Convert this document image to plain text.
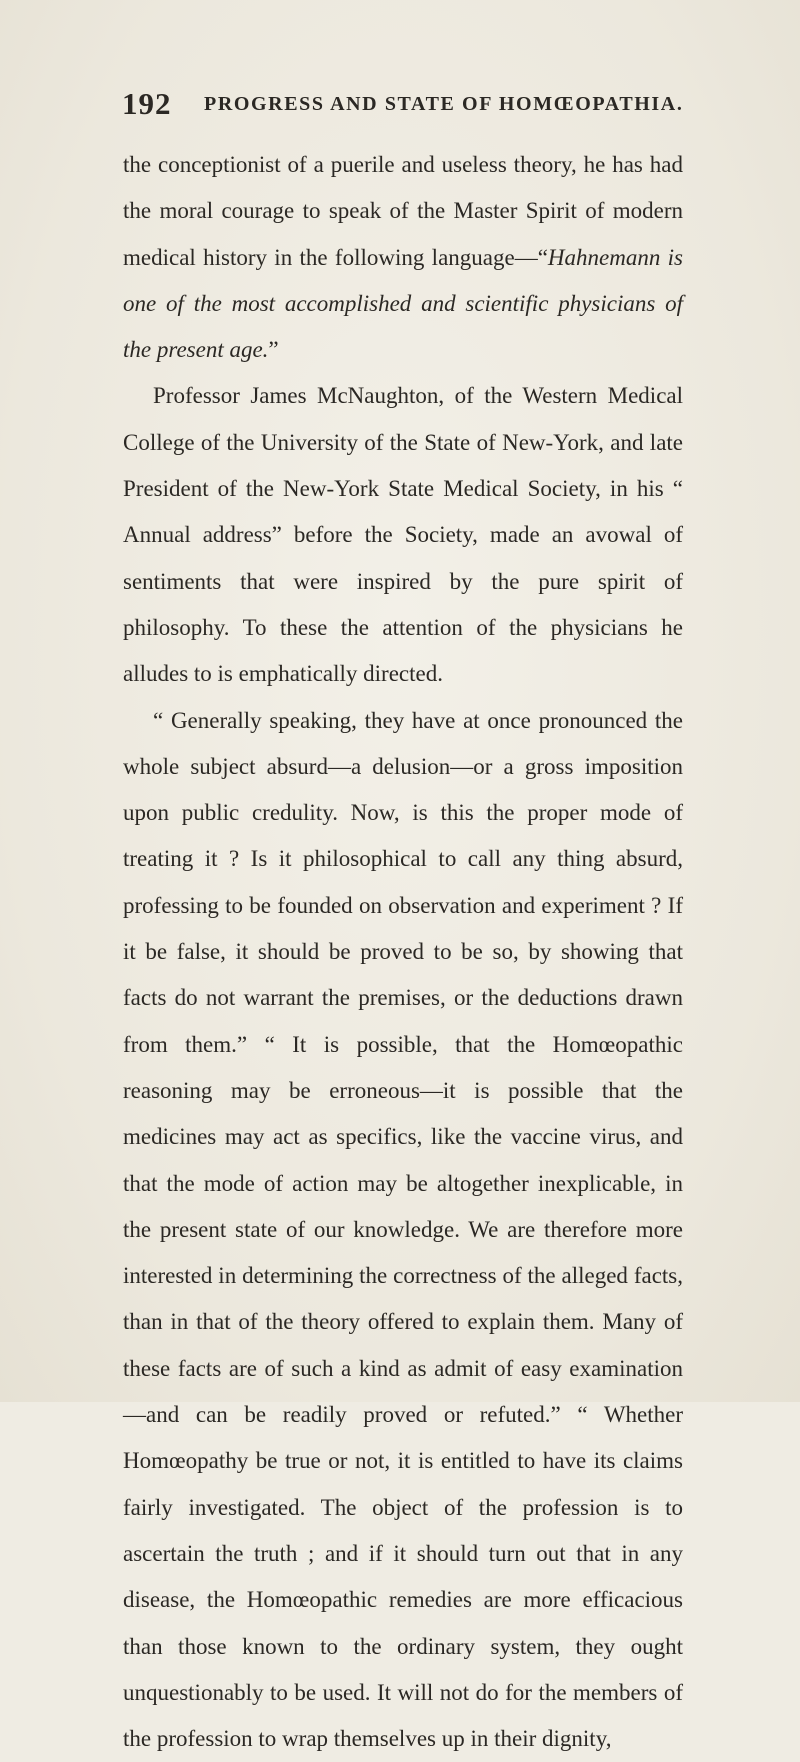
192 PROGRESS AND STATE OF HOMŒOPATHIA.

the conceptionist of a puerile and useless theory, he has had the moral courage to speak of the Master Spirit of modern medical history in the following language—“Hahnemann is one of the most accomplished and scientific physicians of the present age.”

Professor James McNaughton, of the Western Medical College of the University of the State of New-York, and late President of the New-York State Medical Society, in his “ Annual address” before the Society, made an avowal of sentiments that were inspired by the pure spirit of philosophy. To these the attention of the physicians he alludes to is emphatically directed.

“ Generally speaking, they have at once pronounced the whole subject absurd—a delusion—or a gross imposition upon public credulity. Now, is this the proper mode of treating it ? Is it philosophical to call any thing absurd, professing to be founded on observation and experiment ? If it be false, it should be proved to be so, by showing that facts do not warrant the premises, or the deductions drawn from them.” “ It is possible, that the Homœopathic reasoning may be erroneous—it is possible that the medicines may act as specifics, like the vaccine virus, and that the mode of action may be altogether inexplicable, in the present state of our knowledge. We are therefore more interested in determining the correctness of the alleged facts, than in that of the theory offered to explain them. Many of these facts are of such a kind as admit of easy examination—and can be readily proved or refuted.” “ Whether Homœopathy be true or not, it is entitled to have its claims fairly investigated. The object of the profession is to ascertain the truth ; and if it should turn out that in any disease, the Homœopathic remedies are more efficacious than those known to the ordinary system, they ought unquestionably to be used. It will not do for the members of the profession to wrap themselves up in their dignity,
